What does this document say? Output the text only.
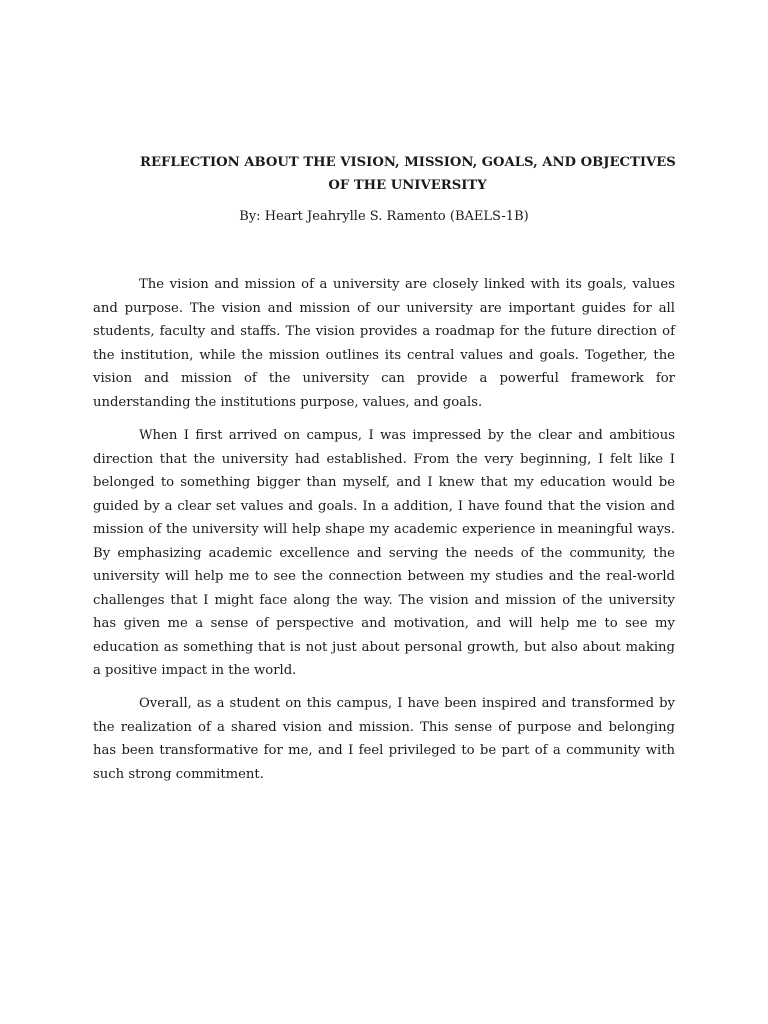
REFLECTION ABOUT THE VISION, MISSION, GOALS, AND OBJECTIVES
OF THE UNIVERSITY

By: Heart Jeahrylle S. Ramento (BAELS-1B)

The vision and mission of a university are closely linked with its goals, values and purpose. The vision and mission of our university are important guides for all students, faculty and staffs. The vision provides a roadmap for the future direction of the institution, while the mission outlines its central values and goals. Together, the vision and mission of the university can provide a powerful framework for understanding the institutions purpose, values, and goals.

When I first arrived on campus, I was impressed by the clear and ambitious direction that the university had established. From the very beginning, I felt like I belonged to something bigger than myself, and I knew that my education would be guided by a clear set values and goals. In a addition, I have found that the vision and mission of the university will help shape my academic experience in meaningful ways. By emphasizing academic excellence and serving the needs of the community, the university will help me to see the connection between my studies and the real-world challenges that I might face along the way. The vision and mission of the university has given me a sense of perspective and motivation, and will help me to see my education as something that is not just about personal growth, but also about making a positive impact in the world.

Overall, as a student on this campus, I have been inspired and transformed by the realization of a shared vision and mission. This sense of purpose and belonging has been transformative for me, and I feel privileged to be part of a community with such strong commitment.
